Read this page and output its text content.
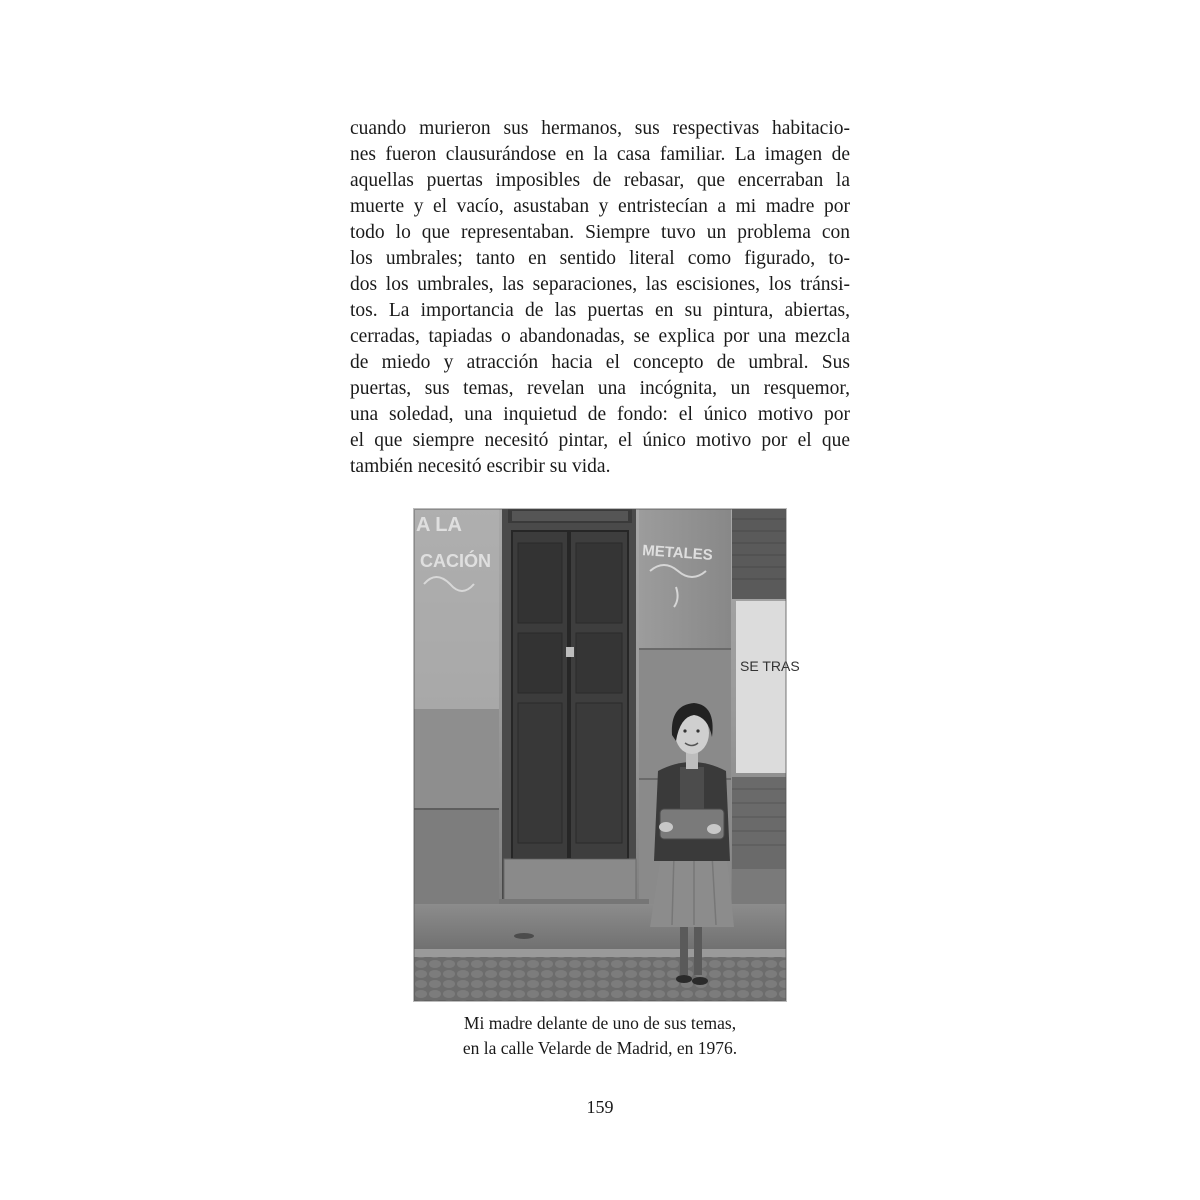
cuando murieron sus hermanos, sus respectivas habitacio-
nes fueron clausurándose en la casa familiar. La imagen de
aquellas puertas imposibles de rebasar, que encerraban la
muerte y el vacío, asustaban y entristecían a mi madre por
todo lo que representaban. Siempre tuvo un problema con
los umbrales; tanto en sentido literal como figurado, to-
dos los umbrales, las separaciones, las escisiones, los tránsi-
tos. La importancia de las puertas en su pintura, abiertas,
cerradas, tapiadas o abandonadas, se explica por una mezcla
de miedo y atracción hacia el concepto de umbral. Sus
puertas, sus temas, revelan una incógnita, un resquemor,
una soledad, una inquietud de fondo: el único motivo por
el que siempre necesitó pintar, el único motivo por el que
también necesitó escribir su vida.
A LA
CACIÓN	METALES
SE TRAS
Mi madre delante de uno de sus temas,
en la calle Velarde de Madrid, en 1976.
159
